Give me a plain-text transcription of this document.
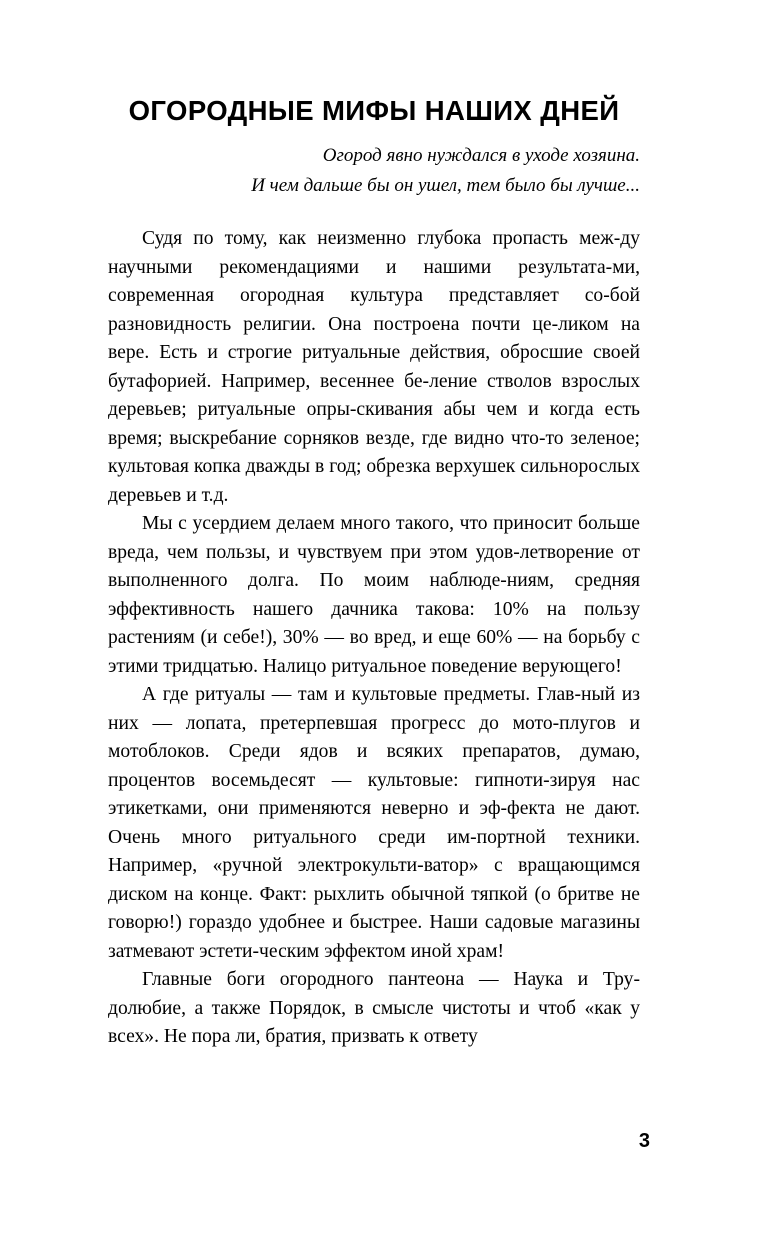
ОГОРОДНЫЕ МИФЫ НАШИХ ДНЕЙ
Огород явно нуждался в уходе хозяина.
И чем дальше бы он ушел, тем было бы лучше...

Судя по тому, как неизменно глубока пропасть меж-ду научными рекомендациями и нашими результата-ми, современная огородная культура представляет со-бой разновидность религии. Она построена почти це-ликом на вере. Есть и строгие ритуальные действия, обросшие своей бутафорией. Например, весеннее бе-ление стволов взрослых деревьев; ритуальные опры-скивания абы чем и когда есть время; выскребание сорняков везде, где видно что-то зеленое; культовая копка дважды в год; обрезка верхушек сильнорослых деревьев и т.д.

Мы с усердием делаем много такого, что приносит больше вреда, чем пользы, и чувствуем при этом удов-летворение от выполненного долга. По моим наблюде-ниям, средняя эффективность нашего дачника такова: 10% на пользу растениям (и себе!), 30% — во вред, и еще 60% — на борьбу с этими тридцатью. Налицо ритуальное поведение верующего!

А где ритуалы — там и культовые предметы. Глав-ный из них — лопата, претерпевшая прогресс до мото-плугов и мотоблоков. Среди ядов и всяких препаратов, думаю, процентов восемьдесят — культовые: гипноти-зируя нас этикетками, они применяются неверно и эф-фекта не дают. Очень много ритуального среди им-портной техники. Например, «ручной электрокульти-ватор» с вращающимся диском на конце. Факт: рыхлить обычной тяпкой (о бритве не говорю!) гораздо удобнее и быстрее. Наши садовые магазины затмевают эстети-ческим эффектом иной храм!

Главные боги огородного пантеона — Наука и Тру-долюбие, а также Порядок, в смысле чистоты и чтоб «как у всех». Не пора ли, братия, призвать к ответу

3
